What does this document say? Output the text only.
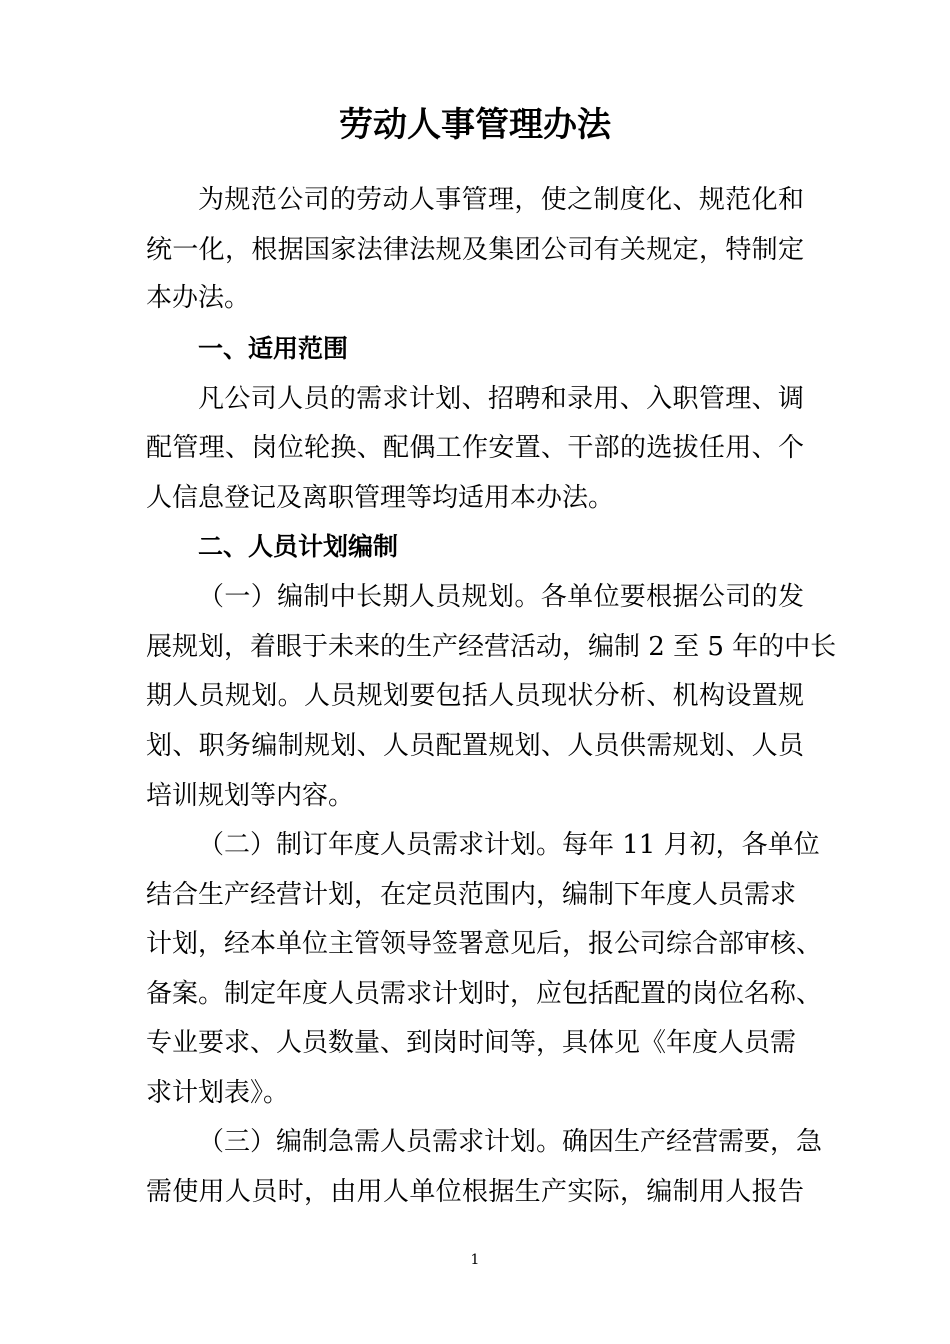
劳动人事管理办法
为规范公司的劳动人事管理，使之制度化、规范化和
统一化，根据国家法律法规及集团公司有关规定，特制定
本办法。
一、适用范围
凡公司人员的需求计划、招聘和录用、入职管理、调
配管理、岗位轮换、配偶工作安置、干部的选拔任用、个
人信息登记及离职管理等均适用本办法。
二、人员计划编制
（一）编制中长期人员规划。各单位要根据公司的发
展规划，着眼于未来的生产经营活动，编制 2 至 5 年的中长
期人员规划。人员规划要包括人员现状分析、机构设置规
划、职务编制规划、人员配置规划、人员供需规划、人员
培训规划等内容。
（二）制订年度人员需求计划。每年 11 月初，各单位
结合生产经营计划，在定员范围内，编制下年度人员需求
计划，经本单位主管领导签署意见后，报公司综合部审核、
备案。制定年度人员需求计划时，应包括配置的岗位名称、
专业要求、人员数量、到岗时间等，具体见《年度人员需
求计划表》。
（三）编制急需人员需求计划。确因生产经营需要，急
需使用人员时，由用人单位根据生产实际，编制用人报告
1
